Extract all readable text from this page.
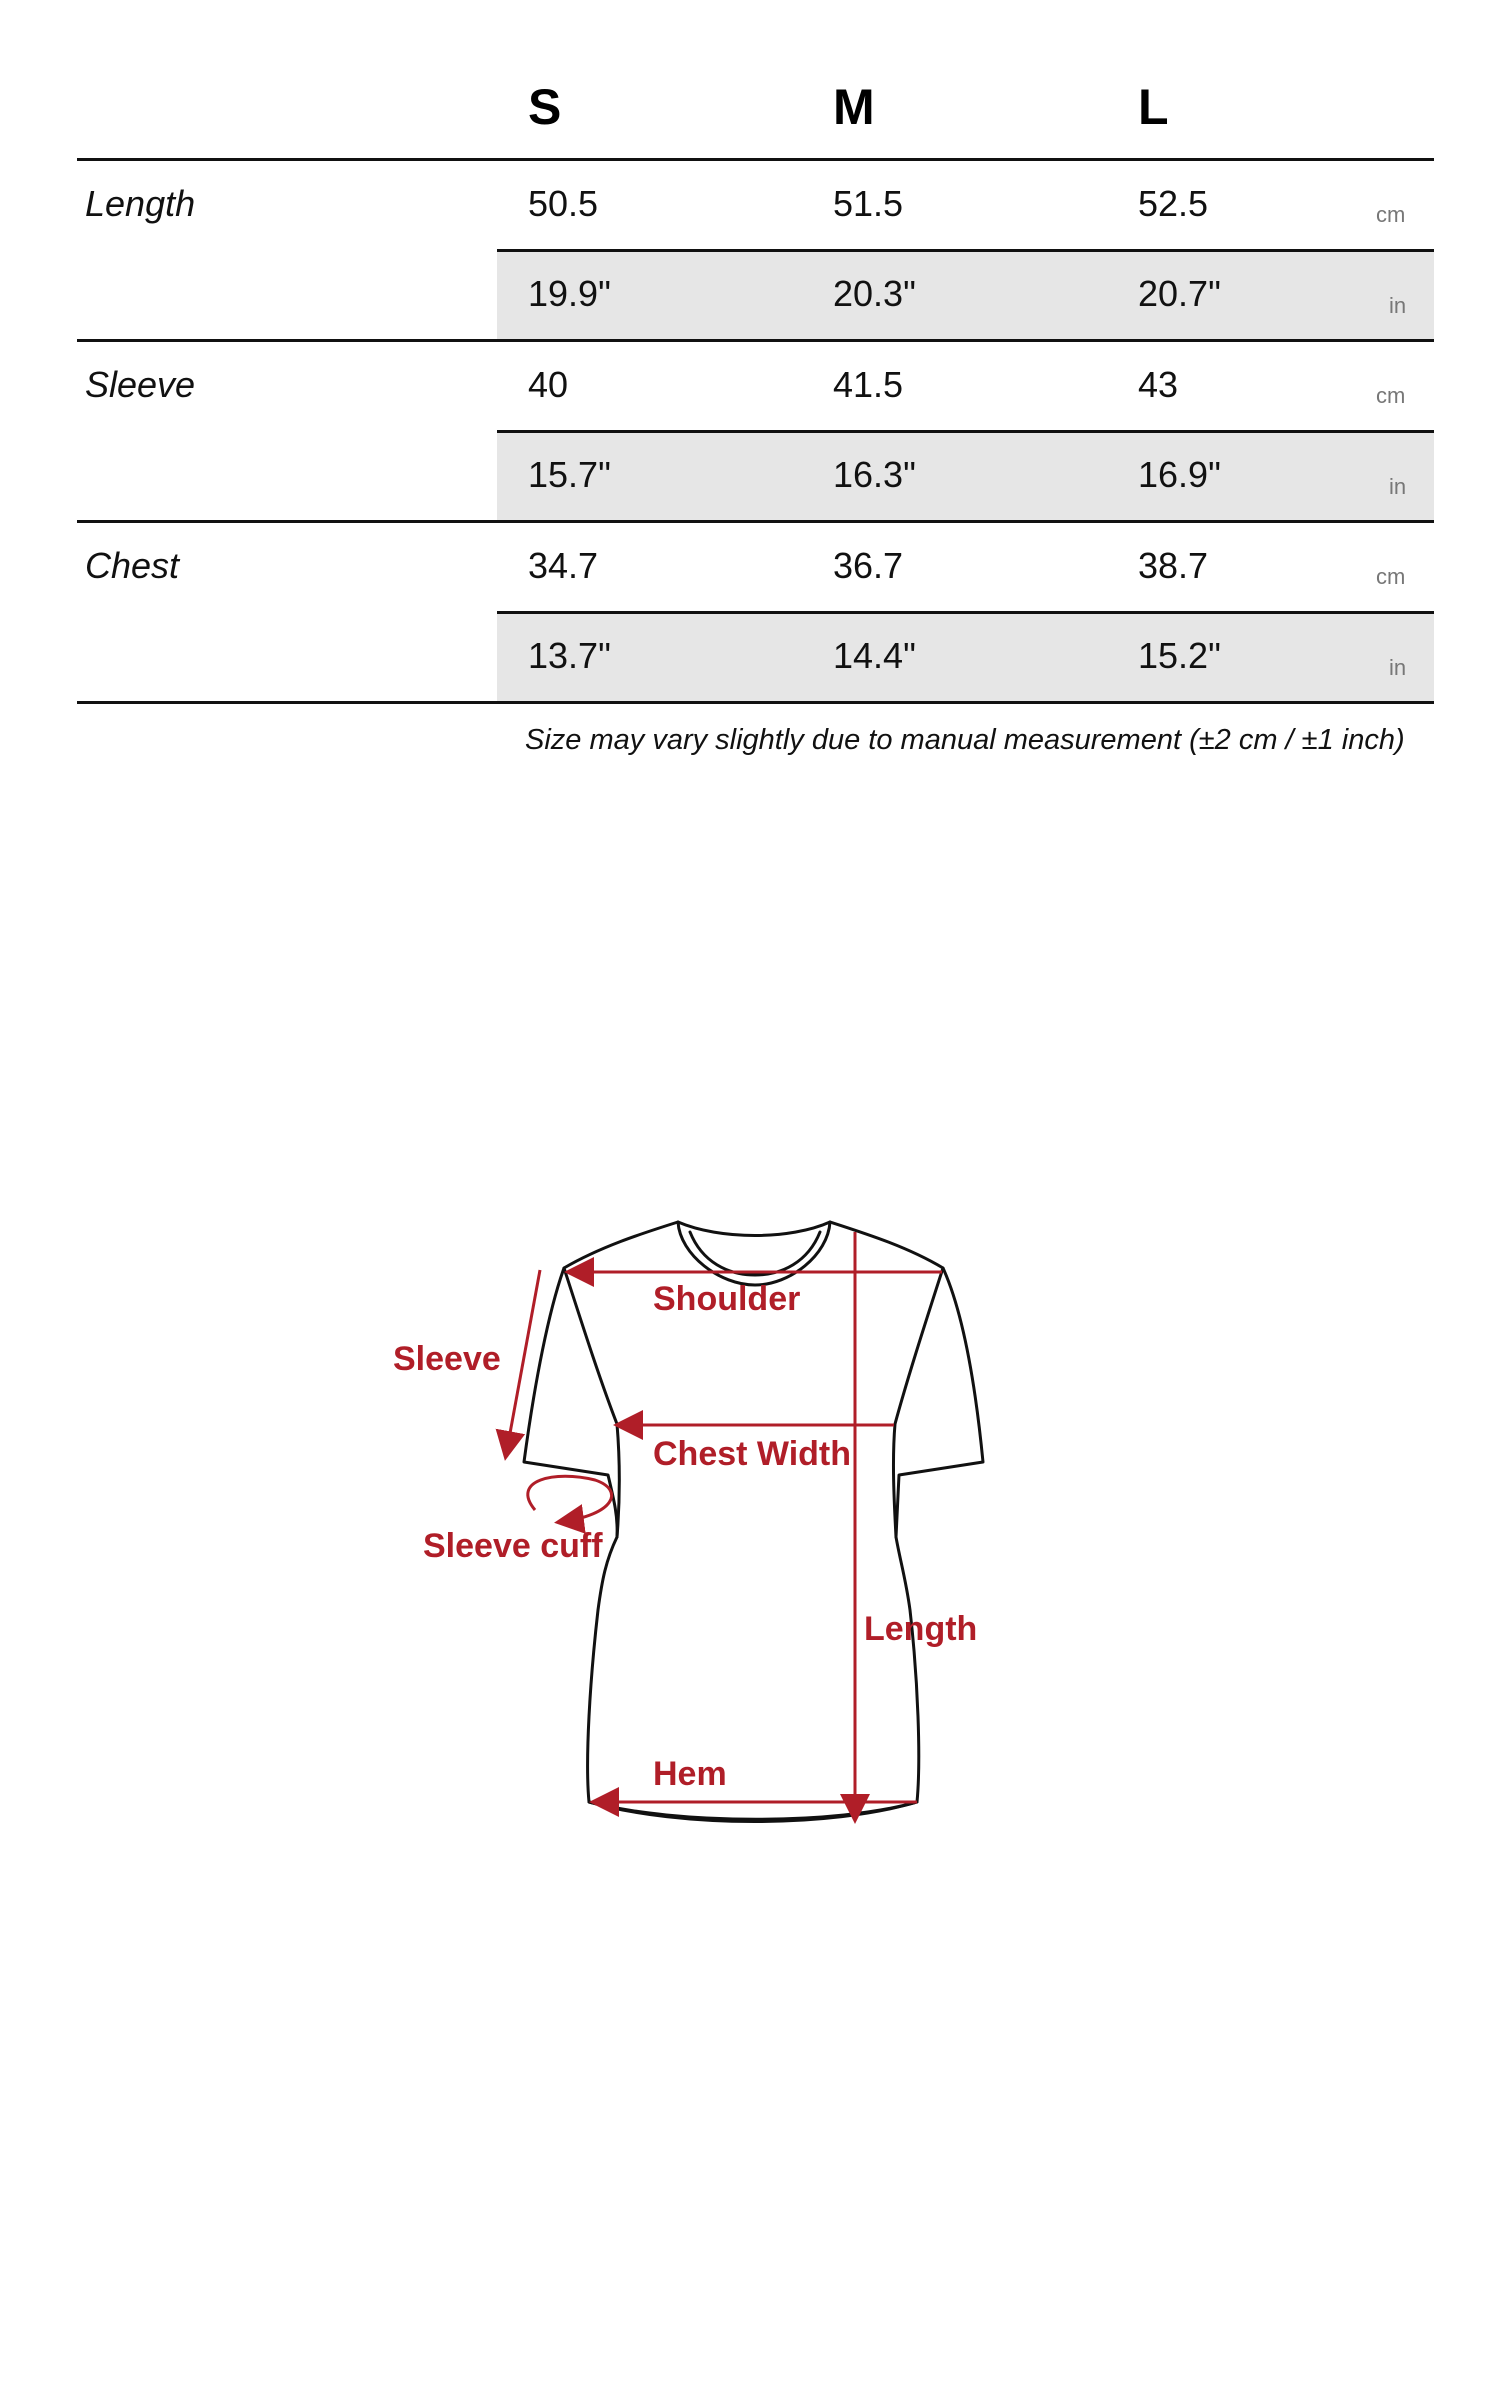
S	M	L
Length	50.5	51.5	52.5	cm
19.9"	20.3"	20.7"	in
Sleeve	40	41.5	43	cm
15.7"	16.3"	16.9"	in
Chest	34.7	36.7	38.7	cm
13.7"	14.4"	15.2"	in
Size may vary slightly due to manual measurement (±2 cm / ±1 inch)
Shoulder
Sleeve
Chest Width
Sleeve cuff
Length
Hem
